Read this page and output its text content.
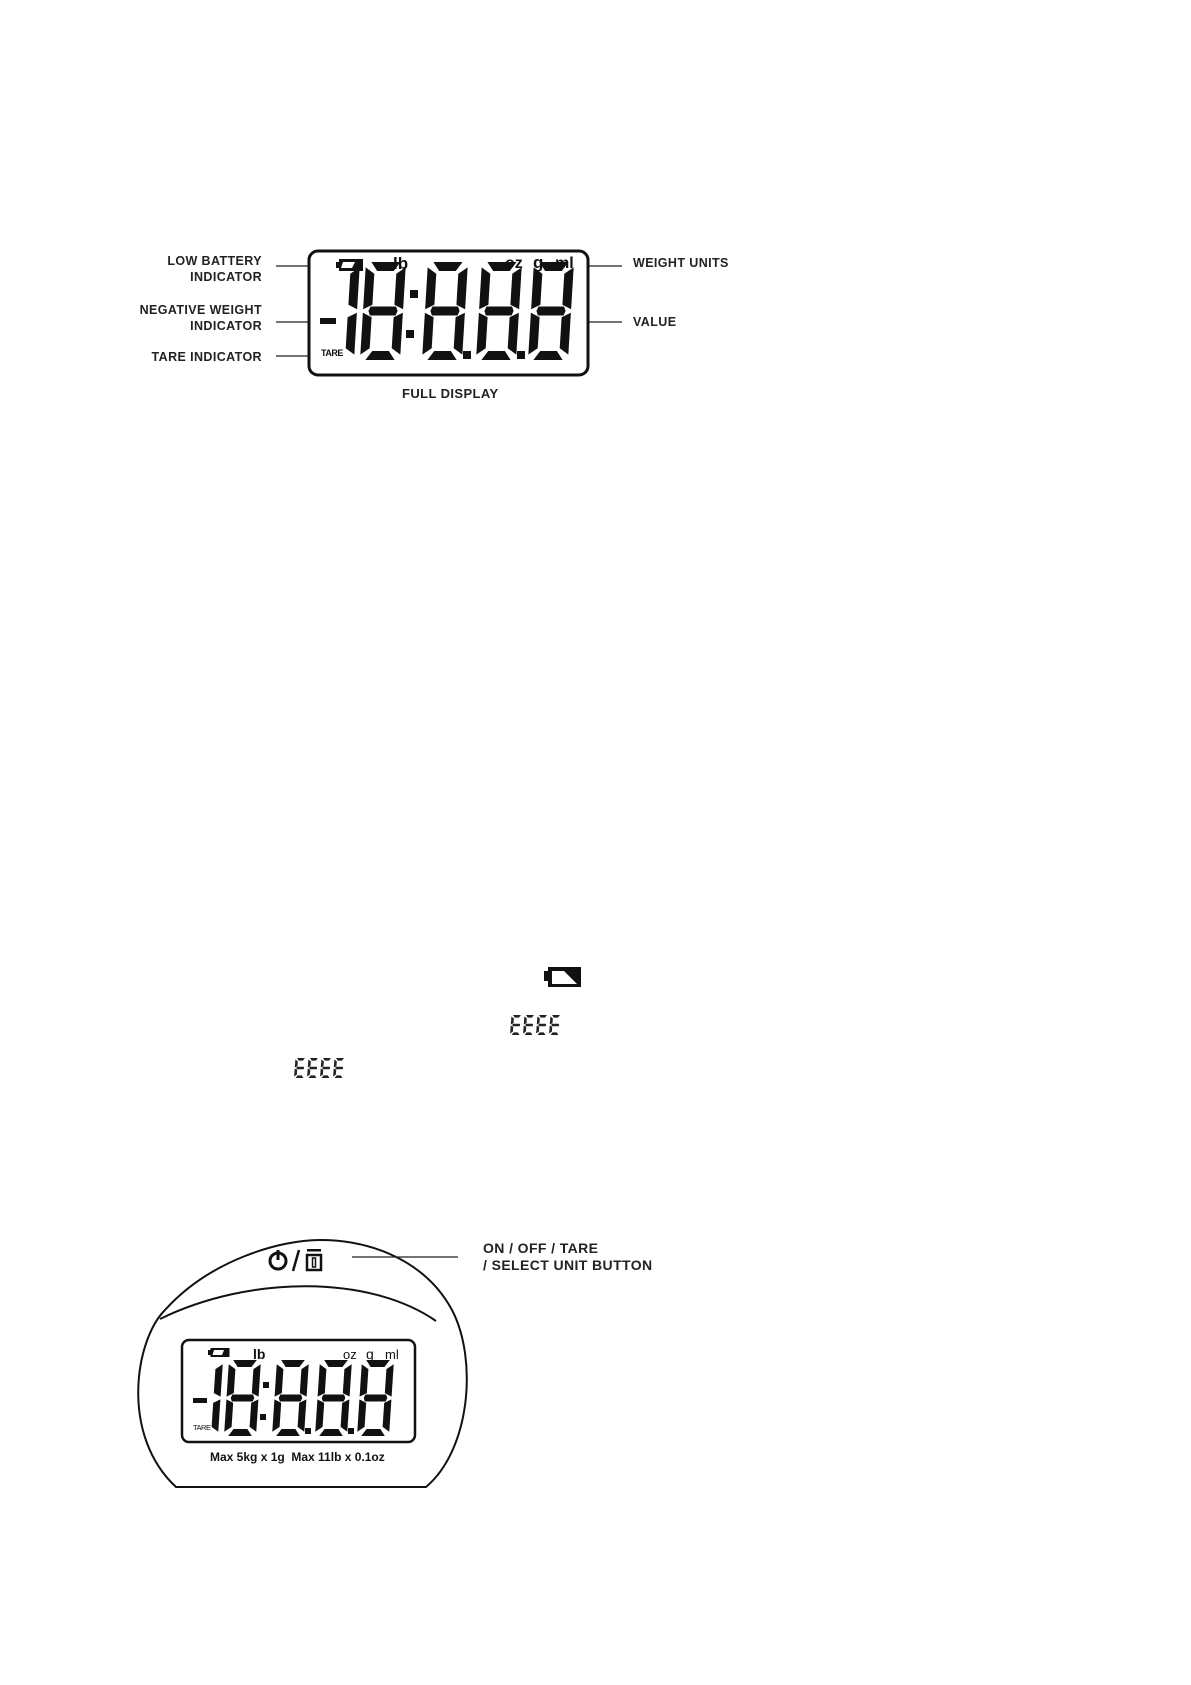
LOW BATTERY
INDICATOR
NEGATIVE WEIGHT
INDICATOR
TARE INDICATOR
WEIGHT UNITS
VALUE
lb	oz g ml
TARE
FULL DISPLAY
ON / OFF / TARE
/ SELECT UNIT BUTTON
lb	oz g ml
TARE
Max 5kg x 1g  Max 11lb x 0.1oz
